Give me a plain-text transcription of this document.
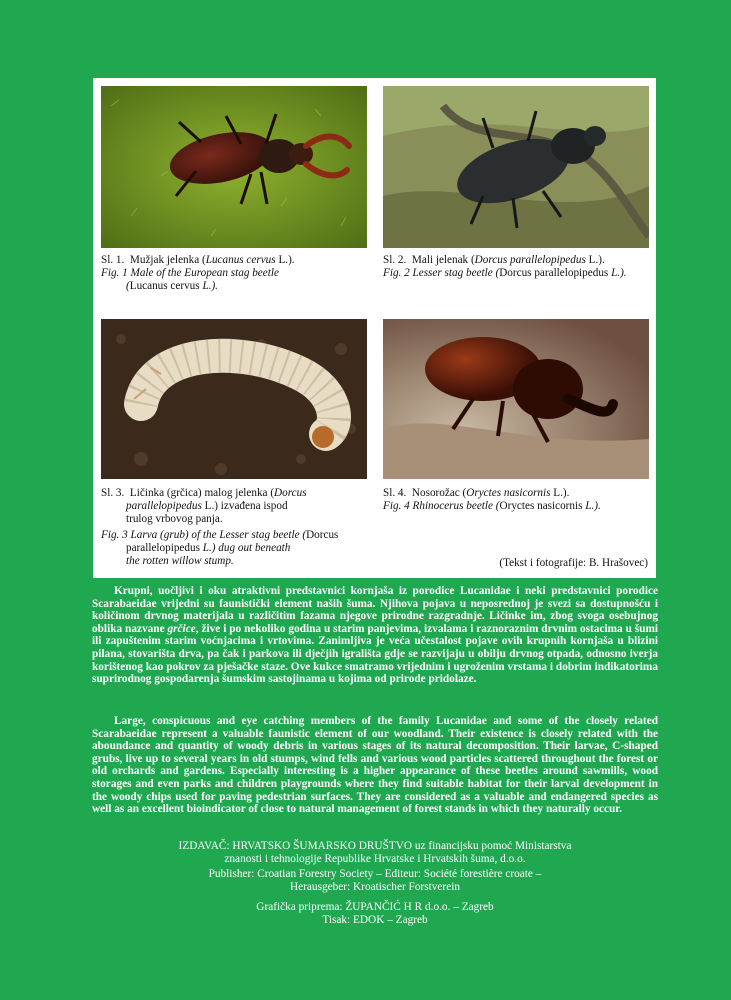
Sl. 1. Mužjak jelenka (Lucanus cervus L.).
Fig. 1 Male of the European stag beetle
(Lucanus cervus L.).
Sl. 2. Mali jelenak (Dorcus parallelopipedus L.).
Fig. 2 Lesser stag beetle (Dorcus parallelopipedus L.).
Sl. 3. Ličinka (grčica) malog jelenka (Dorcus
parallelopipedus L.) izvađena ispod
trulog vrbovog panja.
Fig. 3 Larva (grub) of the Lesser stag beetle (Dorcus
parallelopipedus L.) dug out beneath
the rotten willow stump.
Sl. 4. Nosorožac (Oryctes nasicornis L.).
Fig. 4 Rhinocerus beetle (Oryctes nasicornis L.).
(Tekst i fotografije: B. Hrašovec)
Krupni, uočljivi i oku atraktivni predstavnici kornjaša iz porodice Lucanidae i neki predstavnici porodice Scarabaeidae vrijedni su faunistički element naših šuma. Njihova pojava u neposrednoj je svezi sa dostupnošću i količinom drvnog materijala u različitim fazama njegove prirodne razgradnje. Ličinke im, zbog svoga osebujnog oblika nazvane grčice, žive i po nekoliko godina u starim panjevima, izvalama i raznoraznim drvnim ostacima u šumi ili zapuštenim starim voćnjacima i vrtovima. Zanimljiva je veća učestalost pojave ovih krupnih kornjaša u blizini pilana, stovarišta drva, pa čak i parkova ili dječjih igrališta gdje se razvijaju u obilju drvnog otpada, odnosno iverja korištenog kao pokrov za pješačke staze. Ove kukce smatramo vrijednim i ugroženim vrstama i dobrim indikatorima suprirodnog gospodarenja šumskim sastojinama u kojima od prirode pridolaze.
Large, conspicuous and eye catching members of the family Lucanidae and some of the closely related Scarabaeidae represent a valuable faunistic element of our woodland. Their existence is closely related with the aboundance and quantity of woody debris in various stages of its natural decomposition. Their larvae, C-shaped grubs, live up to several years in old stumps, wind fells and various wood particles scattered throughout the forest or old orchards and gardens. Especially interesting is a higher appearance of these beetles around sawmills, wood storages and even parks and children playgrounds where they find suitable habitat for their larval development in the woody chips used for paving pedestrian surfaces. They are considered as a valuable and endangered species as well as an excellent bioindicator of close to natural management of forest stands in which they naturally occur.
IZDAVAČ: HRVATSKO ŠUMARSKO DRUŠTVO uz financijsku pomoć Ministarstva
znanosti i tehnologije Republike Hrvatske i Hrvatskih šuma, d.o.o.
Publisher: Croatian Forestry Society – Editeur: Société forestière croate –
Herausgeber: Kroatischer Forstverein
Grafička priprema: ŽUPANČIĆ H R d.o.o. – Zagreb
Tisak: EDOK – Zagreb
